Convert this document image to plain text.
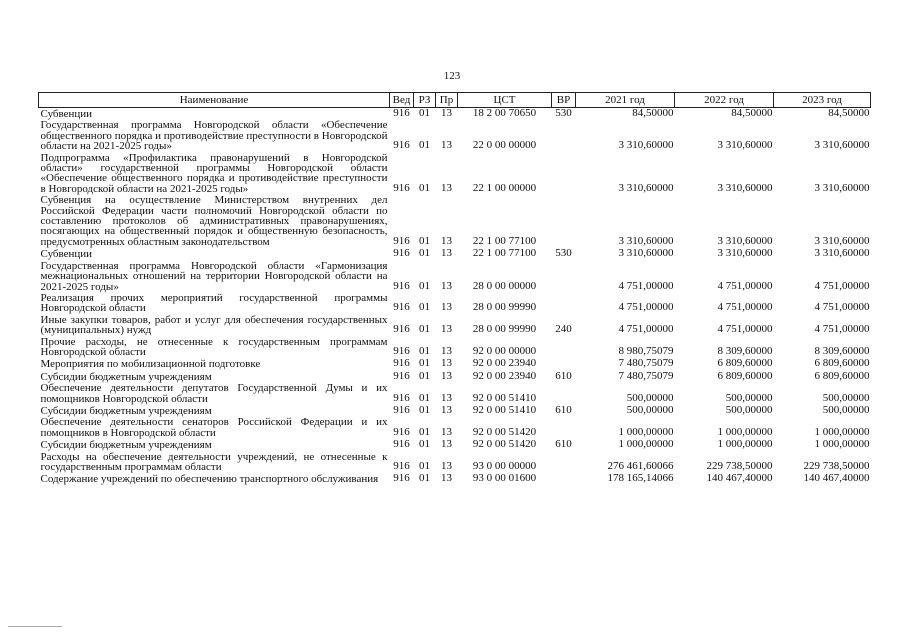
123
Наименование	Вед	РЗ	Пр	ЦСТ	ВР	2021 год	2022 год	2023 год
Субвенции	916	01	13	18 2 00 70650	530	84,50000	84,50000	84,50000
Государственная программа Новгородской области «Обеспечение общественного порядка и противодействие преступности в Новгородской области на 2021-2025 годы»	916	01	13	22 0 00 00000		3 310,60000	3 310,60000	3 310,60000
Подпрограмма «Профилактика правонарушений в Новгородской области» государственной программы Новгородской области «Обеспечение общественного порядка и противодействие преступности в Новгородской области на 2021-2025 годы»	916	01	13	22 1 00 00000		3 310,60000	3 310,60000	3 310,60000
Субвенция на осуществление Министерством внутренних дел Российской Федерации части полномочий Новгородской области по составлению протоколов об административных правонарушениях, посягающих на общественный порядок и общественную безопасность, предусмотренных областным законодательством	916	01	13	22 1 00 77100		3 310,60000	3 310,60000	3 310,60000
Субвенции	916	01	13	22 1 00 77100	530	3 310,60000	3 310,60000	3 310,60000
Государственная программа Новгородской области «Гармонизация межнациональных отношений на территории Новгородской области на 2021-2025 годы»	916	01	13	28 0 00 00000		4 751,00000	4 751,00000	4 751,00000
Реализация прочих мероприятий государственной программы Новгородской области	916	01	13	28 0 00 99990		4 751,00000	4 751,00000	4 751,00000
Иные закупки товаров, работ и услуг для обеспечения государственных (муниципальных) нужд	916	01	13	28 0 00 99990	240	4 751,00000	4 751,00000	4 751,00000
Прочие расходы, не отнесенные к государственным программам Новгородской области	916	01	13	92 0 00 00000		8 980,75079	8 309,60000	8 309,60000
Мероприятия по мобилизационной подготовке	916	01	13	92 0 00 23940		7 480,75079	6 809,60000	6 809,60000
Субсидии бюджетным учреждениям	916	01	13	92 0 00 23940	610	7 480,75079	6 809,60000	6 809,60000
Обеспечение деятельности депутатов Государственной Думы и их помощников Новгородской области	916	01	13	92 0 00 51410		500,00000	500,00000	500,00000
Субсидии бюджетным учреждениям	916	01	13	92 0 00 51410	610	500,00000	500,00000	500,00000
Обеспечение деятельности сенаторов Российской Федерации и их помощников в Новгородской области	916	01	13	92 0 00 51420		1 000,00000	1 000,00000	1 000,00000
Субсидии бюджетным учреждениям	916	01	13	92 0 00 51420	610	1 000,00000	1 000,00000	1 000,00000
Расходы на обеспечение деятельности учреждений, не отнесенные к государственным программам области	916	01	13	93 0 00 00000		276 461,60066	229 738,50000	229 738,50000
Содержание учреждений по обеспечению транспортного обслуживания	916	01	13	93 0 00 01600		178 165,14066	140 467,40000	140 467,40000
